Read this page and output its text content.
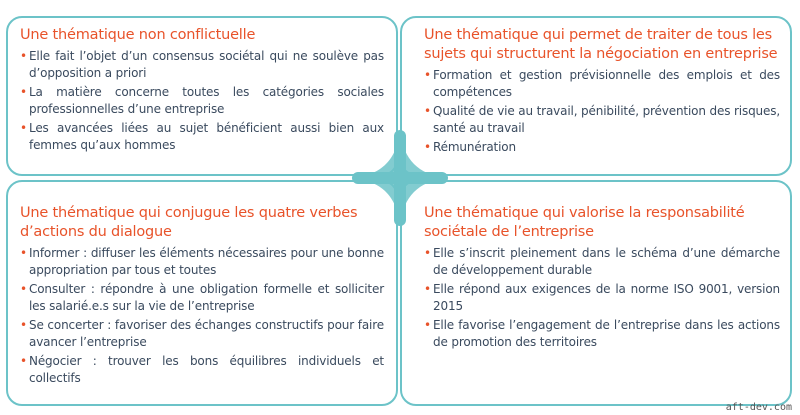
Une thématique non conflictuelle
• Elle fait l’objet d’un consensus sociétal qui ne soulève pas d’opposition a priori
• La matière concerne toutes les catégories sociales professionnelles d’une entreprise
• Les avancées liées au sujet bénéficient aussi bien aux femmes qu’aux hommes
Une thématique qui permet de traiter de tous les sujets qui structurent la négociation en entreprise
• Formation et gestion prévisionnelle des emplois et des compétences
• Qualité de vie au travail, pénibilité, prévention des risques, santé au travail
• Rémunération
Une thématique qui conjugue les quatre verbes d’actions du dialogue
• Informer : diffuser les éléments nécessaires pour une bonne appropriation par tous et toutes
• Consulter : répondre à une obligation formelle et solliciter les salarié.e.s sur la vie de l’entreprise
• Se concerter : favoriser des échanges constructifs pour faire avancer l’entreprise
• Négocier : trouver les bons équilibres individuels et collectifs
Une thématique qui valorise la responsabilité sociétale de l’entreprise
• Elle s’inscrit pleinement dans le schéma d’une démarche de développement durable
• Elle répond aux exigences de la norme ISO 9001, version 2015
• Elle favorise l’engagement de l’entreprise dans les actions de promotion des territoires
aft-dev.com
